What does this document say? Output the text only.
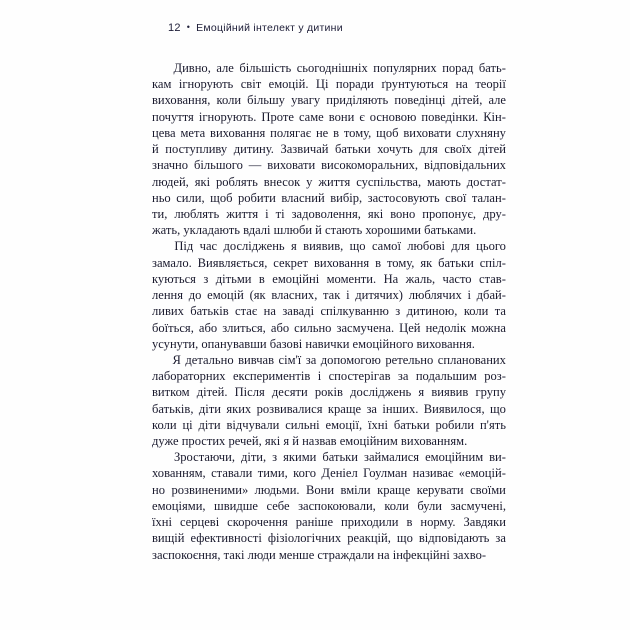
12 • Емоційний інтелект у дитини
Дивно, але більшість сьогоднішніх популярних порад бать-
кам ігнорують світ емоцій. Ці поради ґрунтуються на теорії
виховання, коли більшу увагу приділяють поведінці дітей, але
почуття ігнорують. Проте саме вони є основою поведінки. Кін-
цева мета виховання полягає не в тому, щоб виховати слухняну
й поступливу дитину. Зазвичай батьки хочуть для своїх дітей
значно більшого — виховати високоморальних, відповідальних
людей, які роблять внесок у життя суспільства, мають достат-
ньо сили, щоб робити власний вибір, застосовують свої талан-
ти, люблять життя і ті задоволення, які воно пропонує, дру-
жать, укладають вдалі шлюби й стають хорошими батьками.
Під час досліджень я виявив, що самої любові для цього
замало. Виявляється, секрет виховання в тому, як батьки спіл-
куються з дітьми в емоційні моменти. На жаль, часто став-
лення до емоцій (як власних, так і дитячих) люблячих і дбай-
ливих батьків стає на заваді спілкуванню з дитиною, коли та
боїться, або злиться, або сильно засмучена. Цей недолік можна
усунути, опанувавши базові навички емоційного виховання.
Я детально вивчав сім'ї за допомогою ретельно спланованих
лабораторних експериментів і спостерігав за подальшим роз-
витком дітей. Після десяти років досліджень я виявив групу
батьків, діти яких розвивалися краще за інших. Виявилося, що
коли ці діти відчували сильні емоції, їхні батьки робили п'ять
дуже простих речей, які я й назвав емоційним вихованням.
Зростаючи, діти, з якими батьки займалися емоційним ви-
хованням, ставали тими, кого Деніел Гоулман називає «емоцій-
но розвиненими» людьми. Вони вміли краще керувати своїми
емоціями, швидше себе заспокоювали, коли були засмучені,
їхні серцеві скорочення раніше приходили в норму. Завдяки
вищій ефективності фізіологічних реакцій, що відповідають за
заспокоєння, такі люди менше страждали на інфекційні захво-
